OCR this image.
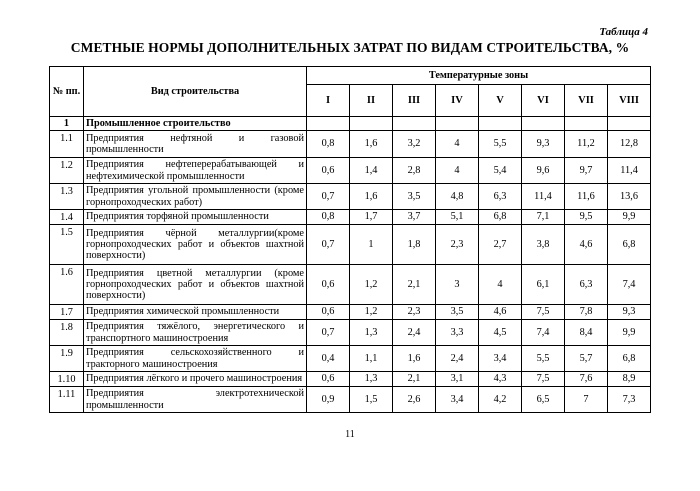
Таблица 4
СМЕТНЫЕ НОРМЫ ДОПОЛНИТЕЛЬНЫХ ЗАТРАТ ПО ВИДАМ СТРОИТЕЛЬСТВА, %
№ пп.	Вид строительства	Температурные зоны							
		I	II	III	IV	V	VI	VII	VIII
1	Промышленное строительство								
1.1	Предприятия нефтяной и газовой промышленности	0,8	1,6	3,2	4	5,5	9,3	11,2	12,8
1.2	Предприятия нефтеперерабатывающей и нефтехимической промышленности	0,6	1,4	2,8	4	5,4	9,6	9,7	11,4
1.3	Предприятия угольной промышленности (кроме горнопроходческих работ)	0,7	1,6	3,5	4,8	6,3	11,4	11,6	13,6
1.4	Предприятия торфяной промышленности	0,8	1,7	3,7	5,1	6,8	7,1	9,5	9,9
1.5	Предприятия чёрной металлургии(кроме горнопроходческих работ и объектов шахтной поверхности)	0,7	1	1,8	2,3	2,7	3,8	4,6	6,8
1.6	Предприятия цветной металлургии (кроме горнопроходческих работ и объектов шахтной поверхности)	0,6	1,2	2,1	3	4	6,1	6,3	7,4
1.7	Предприятия химической промышленности	0,6	1,2	2,3	3,5	4,6	7,5	7,8	9,3
1.8	Предприятия тяжёлого, энергетического и транспортного машиностроения	0,7	1,3	2,4	3,3	4,5	7,4	8,4	9,9
1.9	Предприятия сельскохозяйственного и тракторного машиностроения	0,4	1,1	1,6	2,4	3,4	5,5	5,7	6,8
1.10	Предприятия лёгкого и прочего машиностроения	0,6	1,3	2,1	3,1	4,3	7,5	7,6	8,9
1.11	Предприятия электротехнической промышленности	0,9	1,5	2,6	3,4	4,2	6,5	7	7,3
11
